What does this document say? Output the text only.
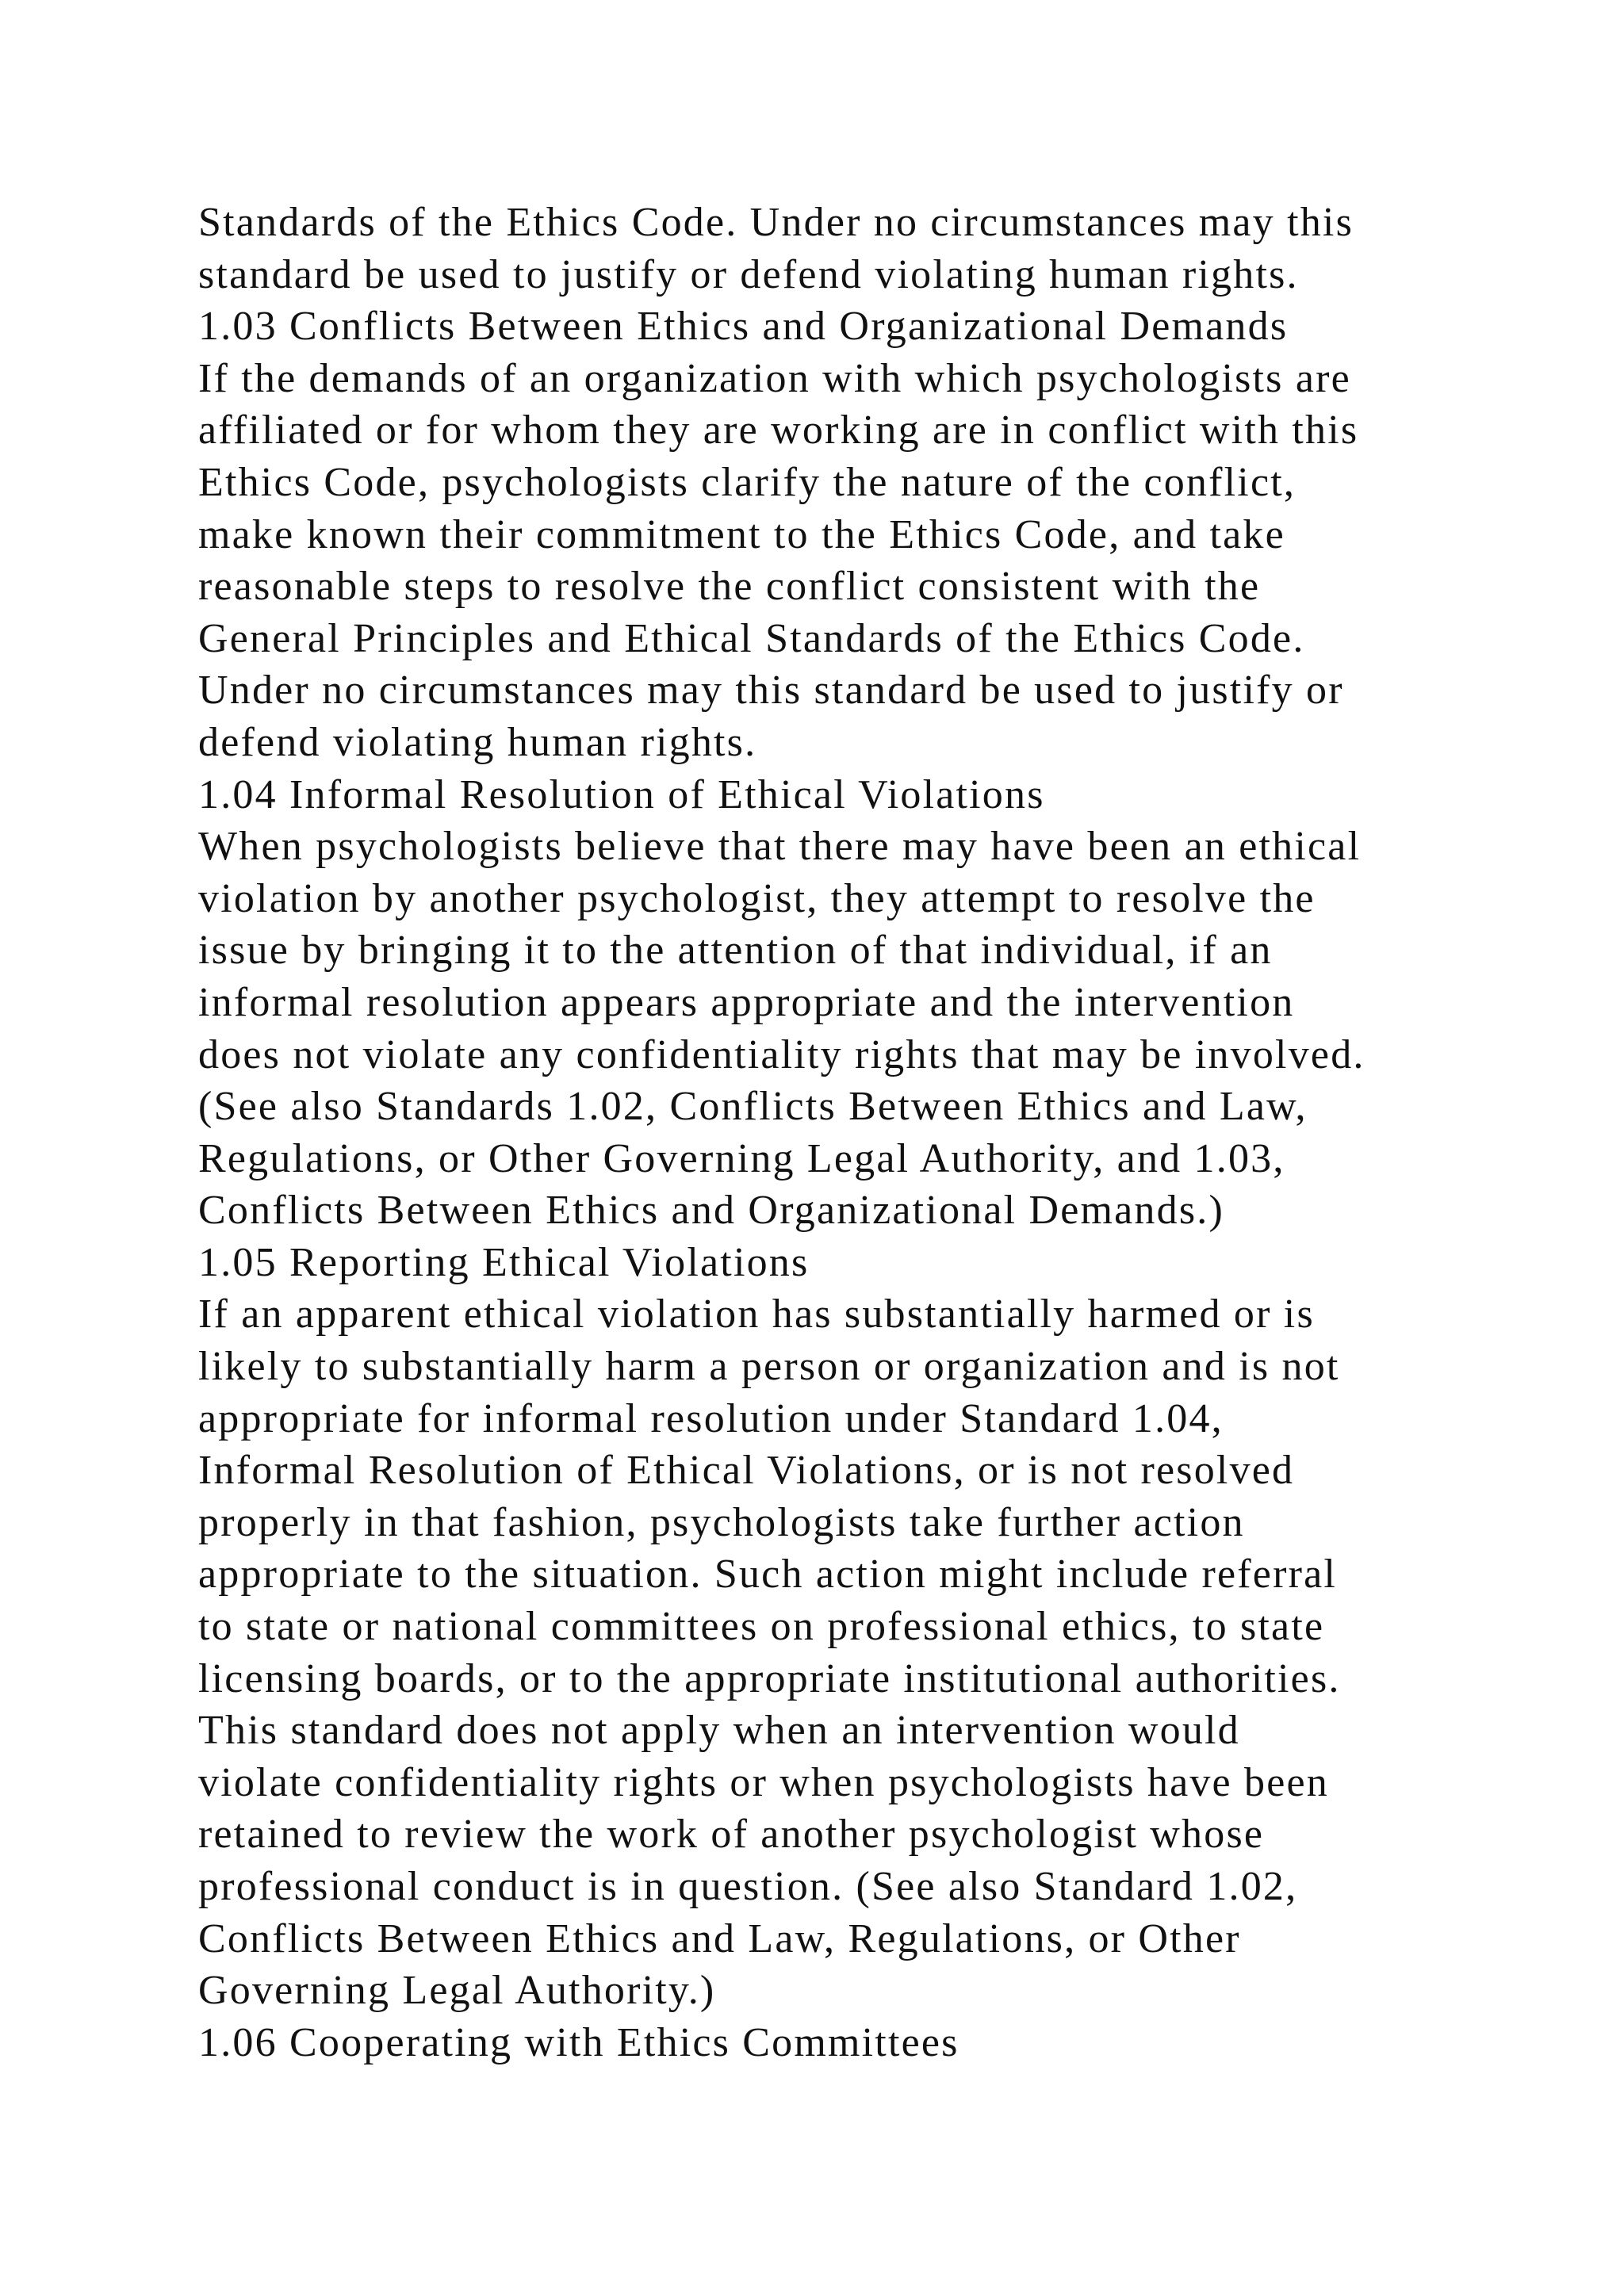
Standards of the Ethics Code. Under no circumstances may this

standard be used to justify or defend violating human rights.

1.03 Conflicts Between Ethics and Organizational Demands

If the demands of an organization with which psychologists are

affiliated or for whom they are working are in conflict with this

Ethics Code, psychologists clarify the nature of the conflict,

make known their commitment to the Ethics Code, and take

reasonable steps to resolve the conflict consistent with the

General Principles and Ethical Standards of the Ethics Code.

Under no circumstances may this standard be used to justify or

defend violating human rights.

1.04 Informal Resolution of Ethical Violations

When psychologists believe that there may have been an ethical

violation by another psychologist, they attempt to resolve the

issue by bringing it to the attention of that individual, if an

informal resolution appears appropriate and the intervention

does not violate any confidentiality rights that may be involved.

(See also Standards 1.02, Conflicts Between Ethics and Law,

Regulations, or Other Governing Legal Authority, and 1.03,

Conflicts Between Ethics and Organizational Demands.)

1.05 Reporting Ethical Violations

If an apparent ethical violation has substantially harmed or is

likely to substantially harm a person or organization and is not

appropriate for informal resolution under Standard 1.04,

Informal Resolution of Ethical Violations, or is not resolved

properly in that fashion, psychologists take further action

appropriate to the situation. Such action might include referral

to state or national committees on professional ethics, to state

licensing boards, or to the appropriate institutional authorities.

This standard does not apply when an intervention would

violate confidentiality rights or when psychologists have been

retained to review the work of another psychologist whose

professional conduct is in question. (See also Standard 1.02,

Conflicts Between Ethics and Law, Regulations, or Other

Governing Legal Authority.)

1.06 Cooperating with Ethics Committees
